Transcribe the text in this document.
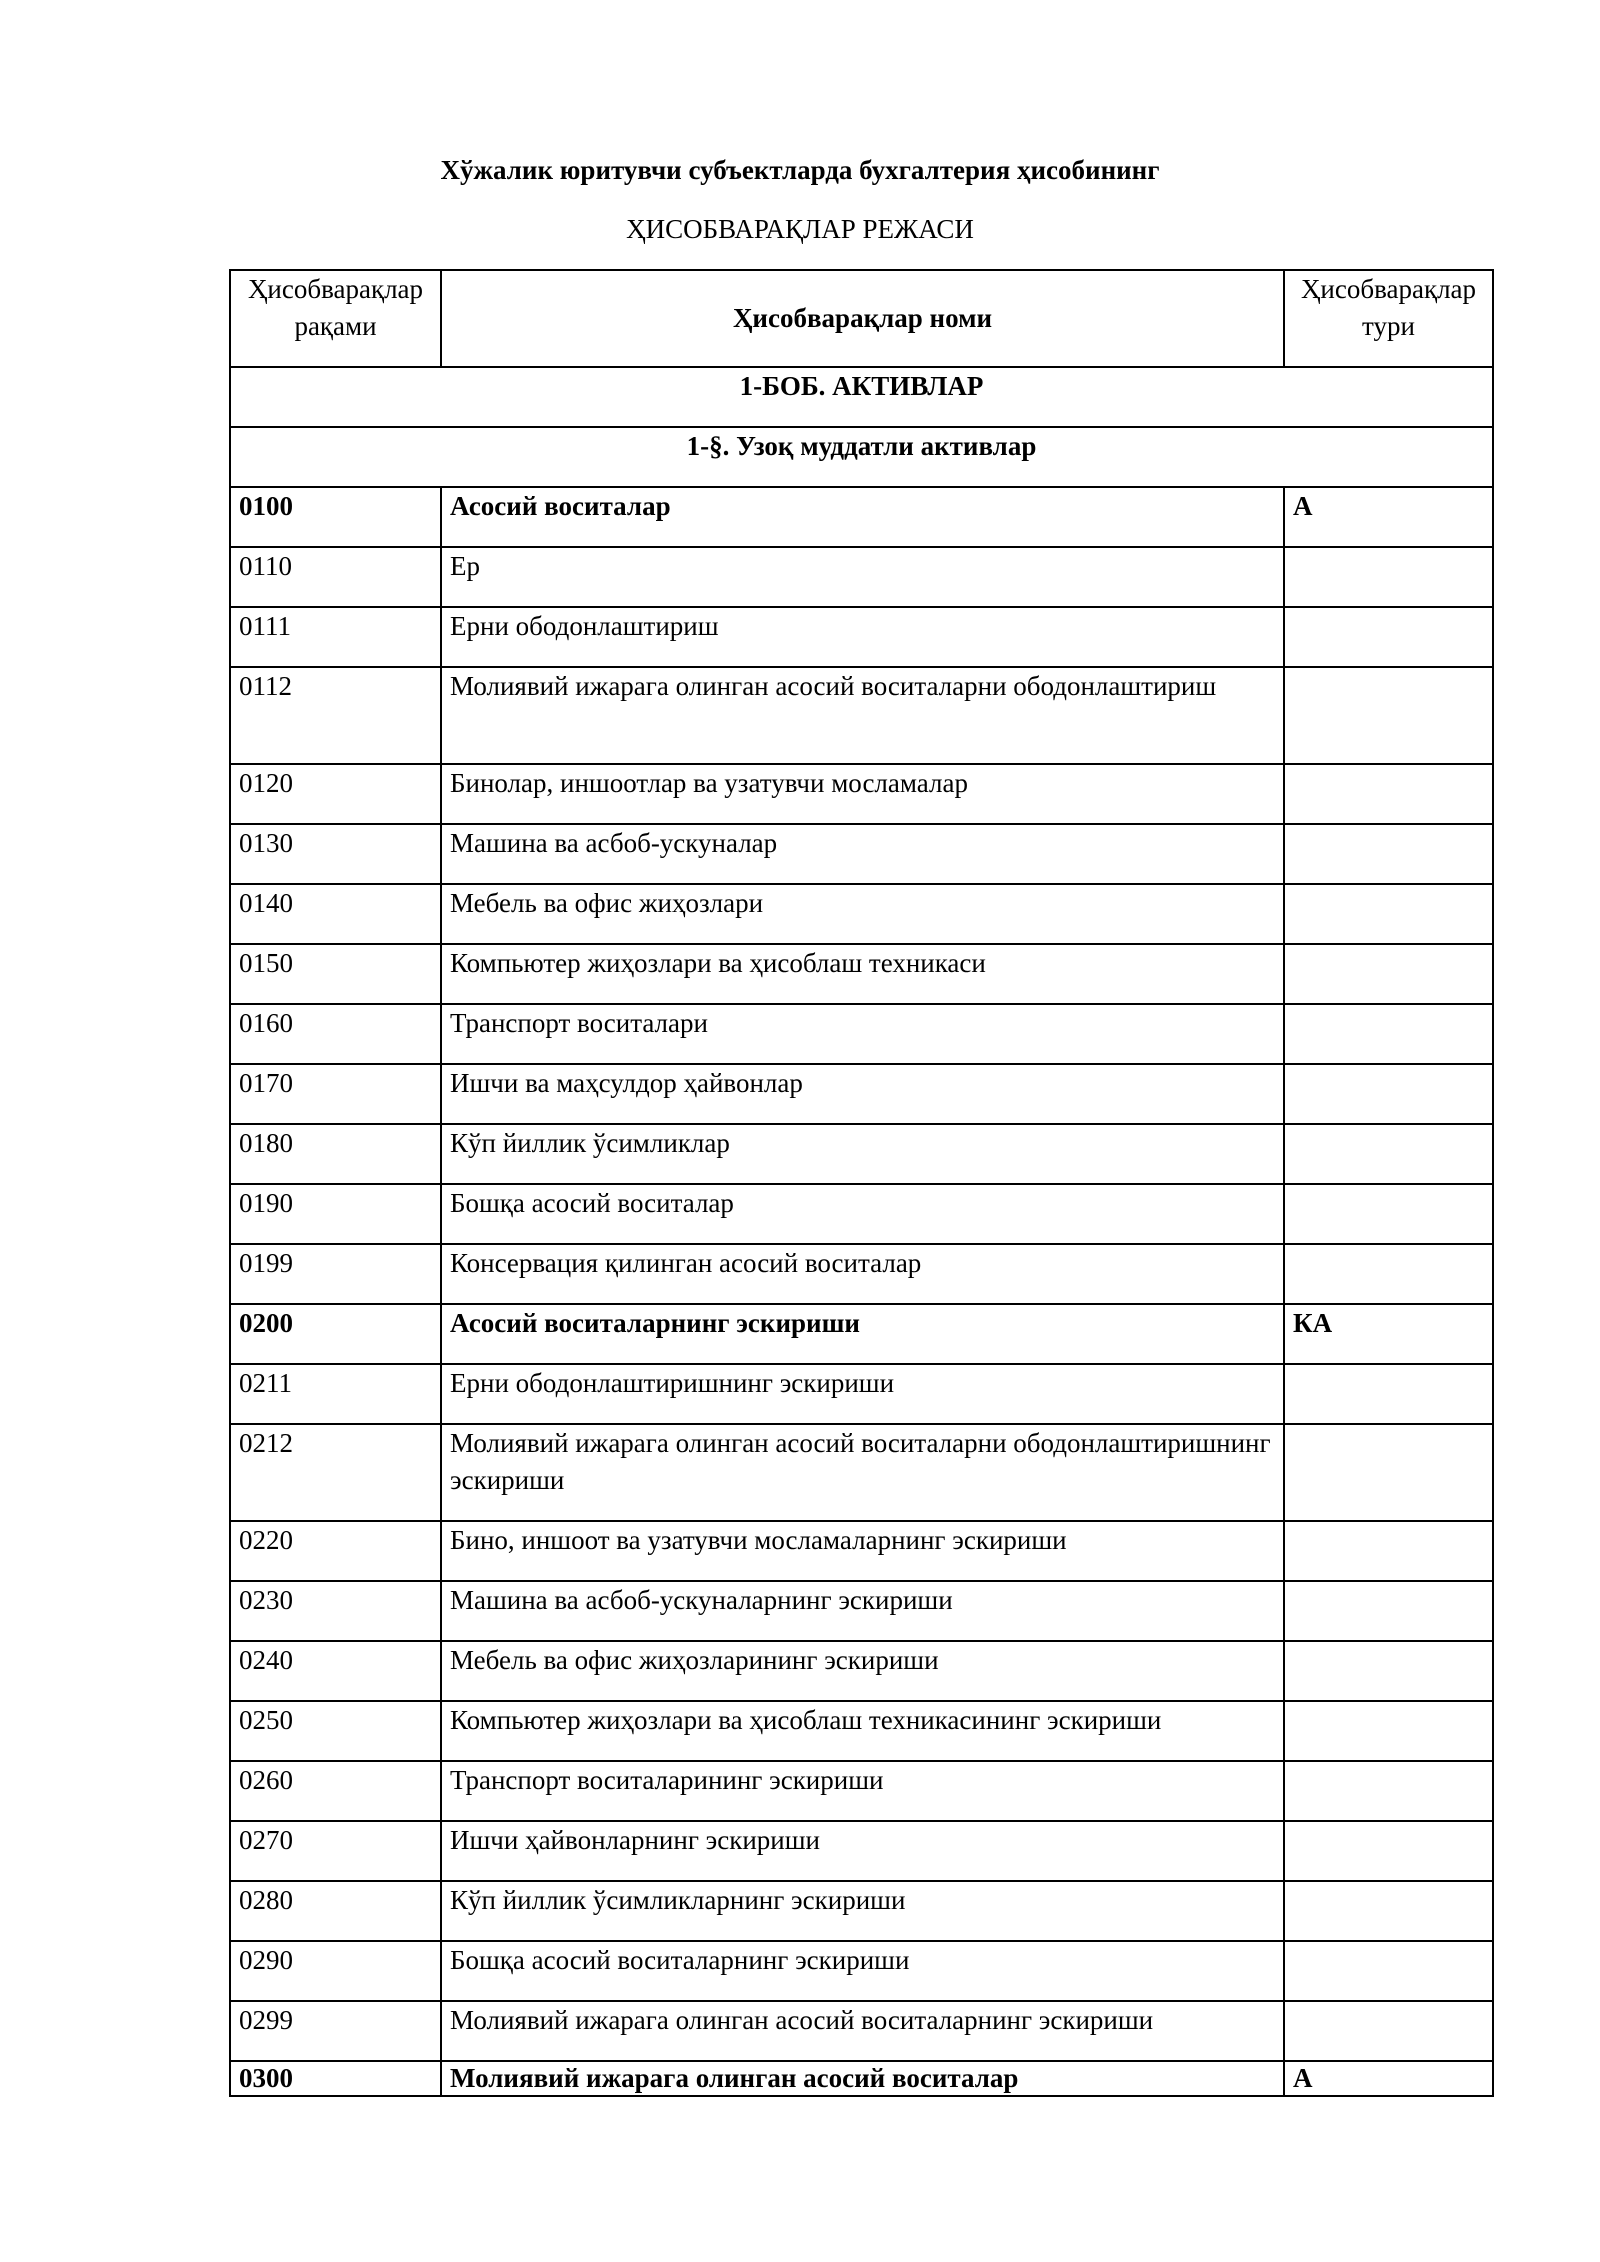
Хўжалик юритувчи субъектларда бухгалтерия ҳисобининг

ҲИСОБВАРАҚЛАР РЕЖАСИ

Ҳисобварақлар рақами	Ҳисобварақлар номи	Ҳисобварақлар тури
1-БОБ. АКТИВЛАР		
1-§. Узоқ муддатли активлар		
0100	Асосий воситалар	А
0110	Ер	
0111	Ерни ободонлаштириш	
0112	Молиявий ижарага олинган асосий воситаларни ободонлаштириш	
0120	Бинолар, иншоотлар ва узатувчи мосламалар	
0130	Машина ва асбоб-ускуналар	
0140	Мебель ва офис жиҳозлари	
0150	Компьютер жиҳозлари ва ҳисоблаш техникаси	
0160	Транспорт воситалари	
0170	Ишчи ва маҳсулдор ҳайвонлар	
0180	Кўп йиллик ўсимликлар	
0190	Бошқа асосий воситалар	
0199	Консервация қилинган асосий воситалар	
0200	Асосий воситаларнинг эскириши	КА
0211	Ерни ободонлаштиришнинг эскириши	
0212	Молиявий ижарага олинган асосий воситаларни ободонлаштиришнинг эскириши	
0220	Бино, иншоот ва узатувчи мосламаларнинг эскириши	
0230	Машина ва асбоб-ускуналарнинг эскириши	
0240	Мебель ва офис жиҳозларининг эскириши	
0250	Компьютер жиҳозлари ва ҳисоблаш техникасининг эскириши	
0260	Транспорт воситаларининг эскириши	
0270	Ишчи ҳайвонларнинг эскириши	
0280	Кўп йиллик ўсимликларнинг эскириши	
0290	Бошқа асосий воситаларнинг эскириши	
0299	Молиявий ижарага олинган асосий воситаларнинг эскириши	
0300	Молиявий ижарага олинган асосий воситалар	А
